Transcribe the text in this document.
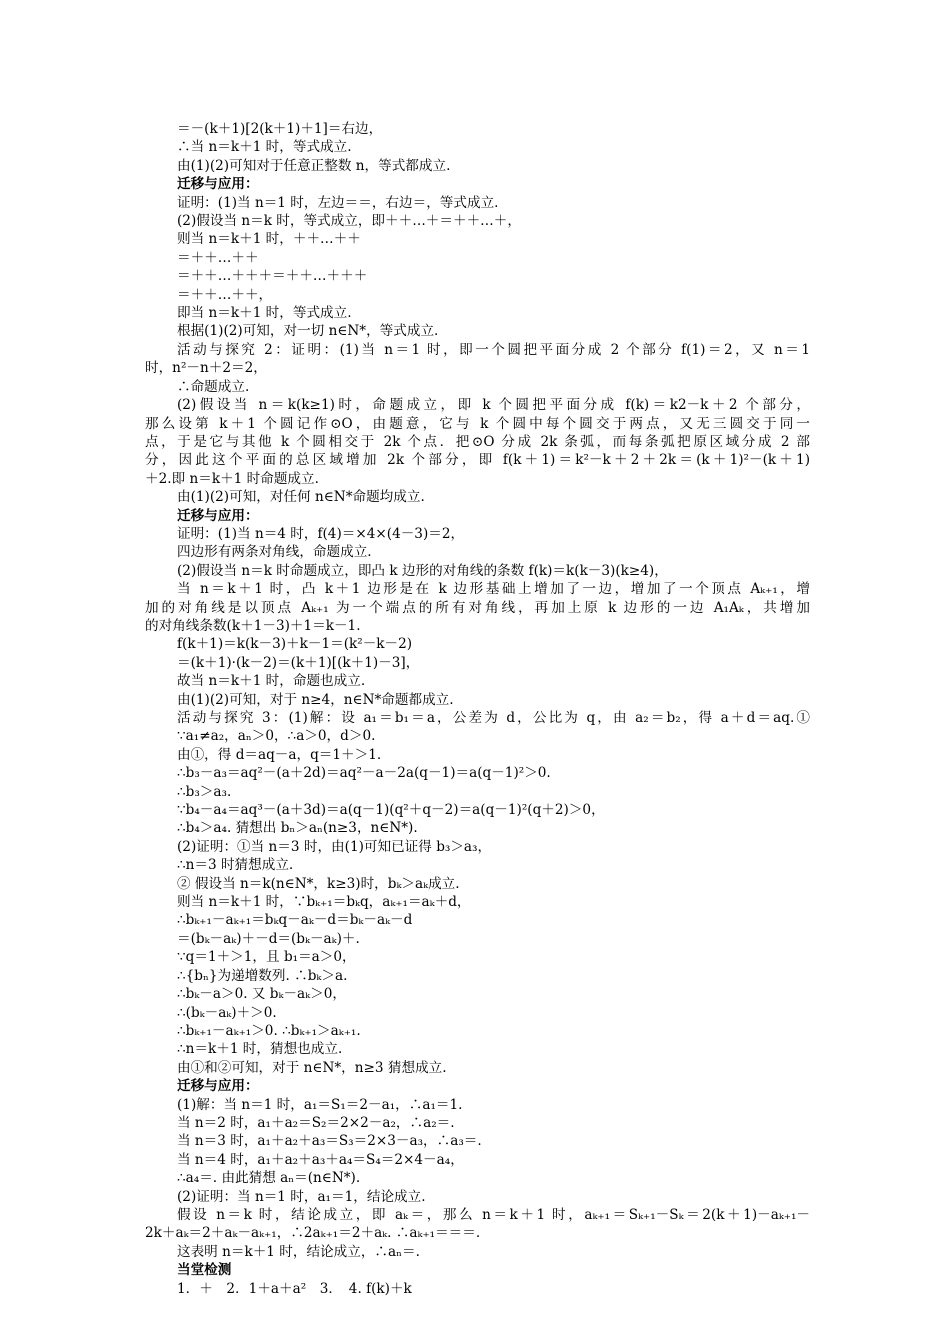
＝－(k＋1)[2(k＋1)＋1]＝右边，
∴当 n＝k＋1 时，等式成立.
由(1)(2)可知对于任意正整数 n，等式都成立.
迁移与应用：
证明：(1)当 n＝1 时，左边＝＝，右边＝，等式成立.
(2)假设当 n＝k 时，等式成立，即＋＋…＋＝＋＋…＋，
则当 n＝k＋1 时，＋＋…＋＋
＝＋＋…＋＋
＝＋＋…＋＋＋＝＋＋…＋＋＋
＝＋＋…＋＋，
即当 n＝k＋1 时，等式成立.
根据(1)(2)可知，对一切 n∈N*，等式成立.
活动与探究 2：证明：(1)当 n＝1 时，即一个圆把平面分成 2 个部分 f(1)＝2，又 n＝1
时，n²－n＋2＝2，
∴命题成立.
(2)假设当 n＝k(k≥1)时，命题成立，即 k 个圆把平面分成 f(k)＝k2－k＋2 个部分，
那么设第 k＋1 个圆记作⊙O，由题意，它与 k 个圆中每个圆交于两点，又无三圆交于同一
点，于是它与其他 k 个圆相交于 2k 个点．把⊙O 分成 2k 条弧，而每条弧把原区域分成 2 部
分，因此这个平面的总区域增加 2k 个部分，即 f(k＋1)＝k²－k＋2＋2k＝(k＋1)²－(k＋1)
＋2.即 n＝k＋1 时命题成立.
由(1)(2)可知，对任何 n∈N*命题均成立.
迁移与应用：
证明：(1)当 n＝4 时，f(4)＝×4×(4－3)＝2，
四边形有两条对角线，命题成立.
(2)假设当 n＝k 时命题成立，即凸 k 边形的对角线的条数 f(k)＝k(k－3)(k≥4)，
当 n＝k＋1 时，凸 k＋1 边形是在 k 边形基础上增加了一边，增加了一个顶点 Aₖ₊₁，增
加的对角线是以顶点 Aₖ₊₁ 为一个端点的所有对角线，再加上原 k 边形的一边 A₁Aₖ，共增加
的对角线条数(k＋1－3)＋1＝k－1.
f(k＋1)＝k(k－3)＋k－1＝(k²－k－2)
＝(k＋1)·(k－2)＝(k＋1)[(k＋1)－3]，
故当 n＝k＋1 时，命题也成立.
由(1)(2)可知，对于 n≥4，n∈N*命题都成立.
活动与探究 3：(1)解：设 a₁＝b₁＝a，公差为 d，公比为 q，由 a₂＝b₂，得 a＋d＝aq.①
∵a₁≠a₂，aₙ＞0，∴a＞0，d＞0.
由①，得 d＝aq－a，q＝1＋＞1.
∴b₃－a₃＝aq²－(a＋2d)＝aq²－a－2a(q－1)＝a(q－1)²＞0.
∴b₃＞a₃.
∵b₄－a₄＝aq³－(a＋3d)＝a(q－1)(q²＋q－2)＝a(q－1)²(q＋2)＞0，
∴b₄＞a₄. 猜想出 bₙ＞aₙ(n≥3，n∈N*).
(2)证明：①当 n＝3 时，由(1)可知已证得 b₃＞a₃，
∴n＝3 时猜想成立.
② 假设当 n＝k(n∈N*，k≥3)时，bₖ＞aₖ成立.
则当 n＝k＋1 时，∵bₖ₊₁＝bₖq，aₖ₊₁＝aₖ＋d，
∴bₖ₊₁－aₖ₊₁＝bₖq－aₖ－d＝bₖ－aₖ－d
＝(bₖ－aₖ)＋－d＝(bₖ－aₖ)＋.
∵q＝1＋＞1，且 b₁＝a＞0，
∴{bₙ}为递增数列. ∴bₖ＞a.
∴bₖ－a＞0. 又 bₖ－aₖ＞0，
∴(bₖ－aₖ)＋＞0.
∴bₖ₊₁－aₖ₊₁＞0. ∴bₖ₊₁＞aₖ₊₁.
∴n＝k＋1 时，猜想也成立.
由①和②可知，对于 n∈N*，n≥3 猜想成立.
迁移与应用：
(1)解：当 n＝1 时，a₁＝S₁＝2－a₁，∴a₁＝1.
当 n＝2 时，a₁＋a₂＝S₂＝2×2－a₂，∴a₂＝.
当 n＝3 时，a₁＋a₂＋a₃＝S₃＝2×3－a₃，∴a₃＝.
当 n＝4 时，a₁＋a₂＋a₃＋a₄＝S₄＝2×4－a₄，
∴a₄＝. 由此猜想 aₙ＝(n∈N*).
(2)证明：当 n＝1 时，a₁＝1，结论成立.
假设 n＝k 时，结论成立，即 aₖ＝，那么 n＝k＋1 时，aₖ₊₁＝Sₖ₊₁－Sₖ＝2(k＋1)－aₖ₊₁－
2k＋aₖ＝2＋aₖ－aₖ₊₁，∴2aₖ₊₁＝2＋aₖ. ∴aₖ₊₁＝＝＝.
这表明 n＝k＋1 时，结论成立，∴aₙ＝.
当堂检测
1．＋　2．1＋a＋a²　3．　4. f(k)＋k
